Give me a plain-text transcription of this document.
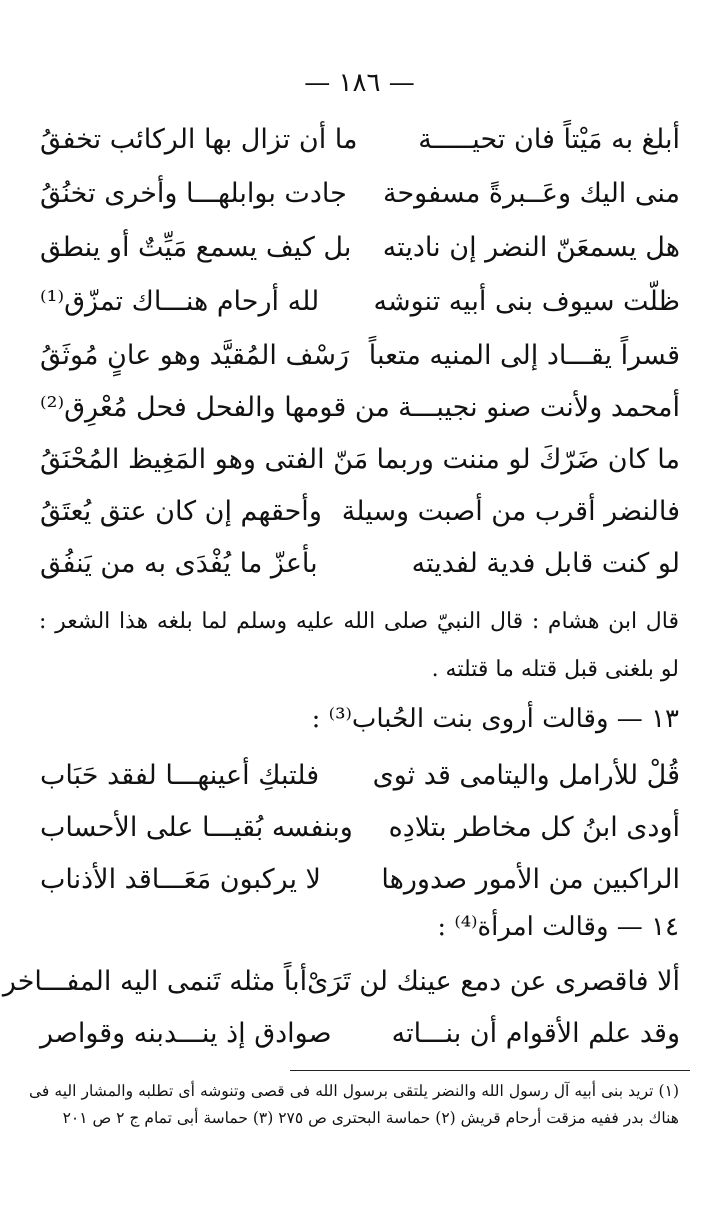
— ١٨٦ —
أبلغ به مَيْتاً فان تحيـــــة
ما أن تزال بها الركائب تخفقُ
منى اليك وعَــبرةً مسفوحة
جادت بوابلهـــا وأخرى تخنُقُ
هل يسمعَنّ النضر إن ناديته
بل كيف يسمع مَيِّتٌ أو ينطق
ظلّت سيوف بنى أبيه تنوشه
لله أرحام هنـــاك تمزّق⁽¹⁾
قسراً يقـــاد إلى المنيه متعباً
رَسْف المُقيَّد وهو عانٍ مُوثَقُ
أمحمد ولأنت صنو نجيبـــة
من قومها والفحل فحل مُعْرِق⁽²⁾
ما كان ضَرّكَ لو مننت وربما
مَنّ الفتى وهو المَغِيظ المُحْنَقُ
فالنضر أقرب من أصبت وسيلة
وأحقهم إن كان عتق يُعتَقُ
لو كنت قابل فدية لفديته
بأعزّ ما يُفْدَى به من يَنفُق
قال ابن هشام : قال النبيّ صلى الله عليه وسلم لما بلغه هذا الشعر : لو بلغنى قبل قتله ما قتلته .
١٣ — وقالت أروى بنت الحُباب⁽³⁾ :
قُلْ للأرامل واليتامى قد ثوى
فلتبكِ أعينهـــا لفقد حَبَاب
أودى ابنُ كل مخاطر بتلادِه
وبنفسه بُقيـــا على الأحساب
الراكبين من الأمور صدورها
لا يركبون مَعَـــاقد الأذناب
١٤ — وقالت امرأة⁽⁴⁾ :
ألا فاقصرى عن دمع عينك لن تَرَىْ
أباً مثله تَنمى اليه المفـــاخر
وقد علم الأقوام أن بنـــاته
صوادق إذ ينـــدبنه وقواصر
(١) تريد بنى أبيه آل رسول الله والنضر يلتقى برسول الله فى قصى وتنوشه أى تطلبه والمشار اليه فى هناك بدر ففيه مزقت أرحام قريش (٢) حماسة البحترى ص ٢٧٥ (٣) حماسة أبى تمام ج ٢ ص ٢٠١
